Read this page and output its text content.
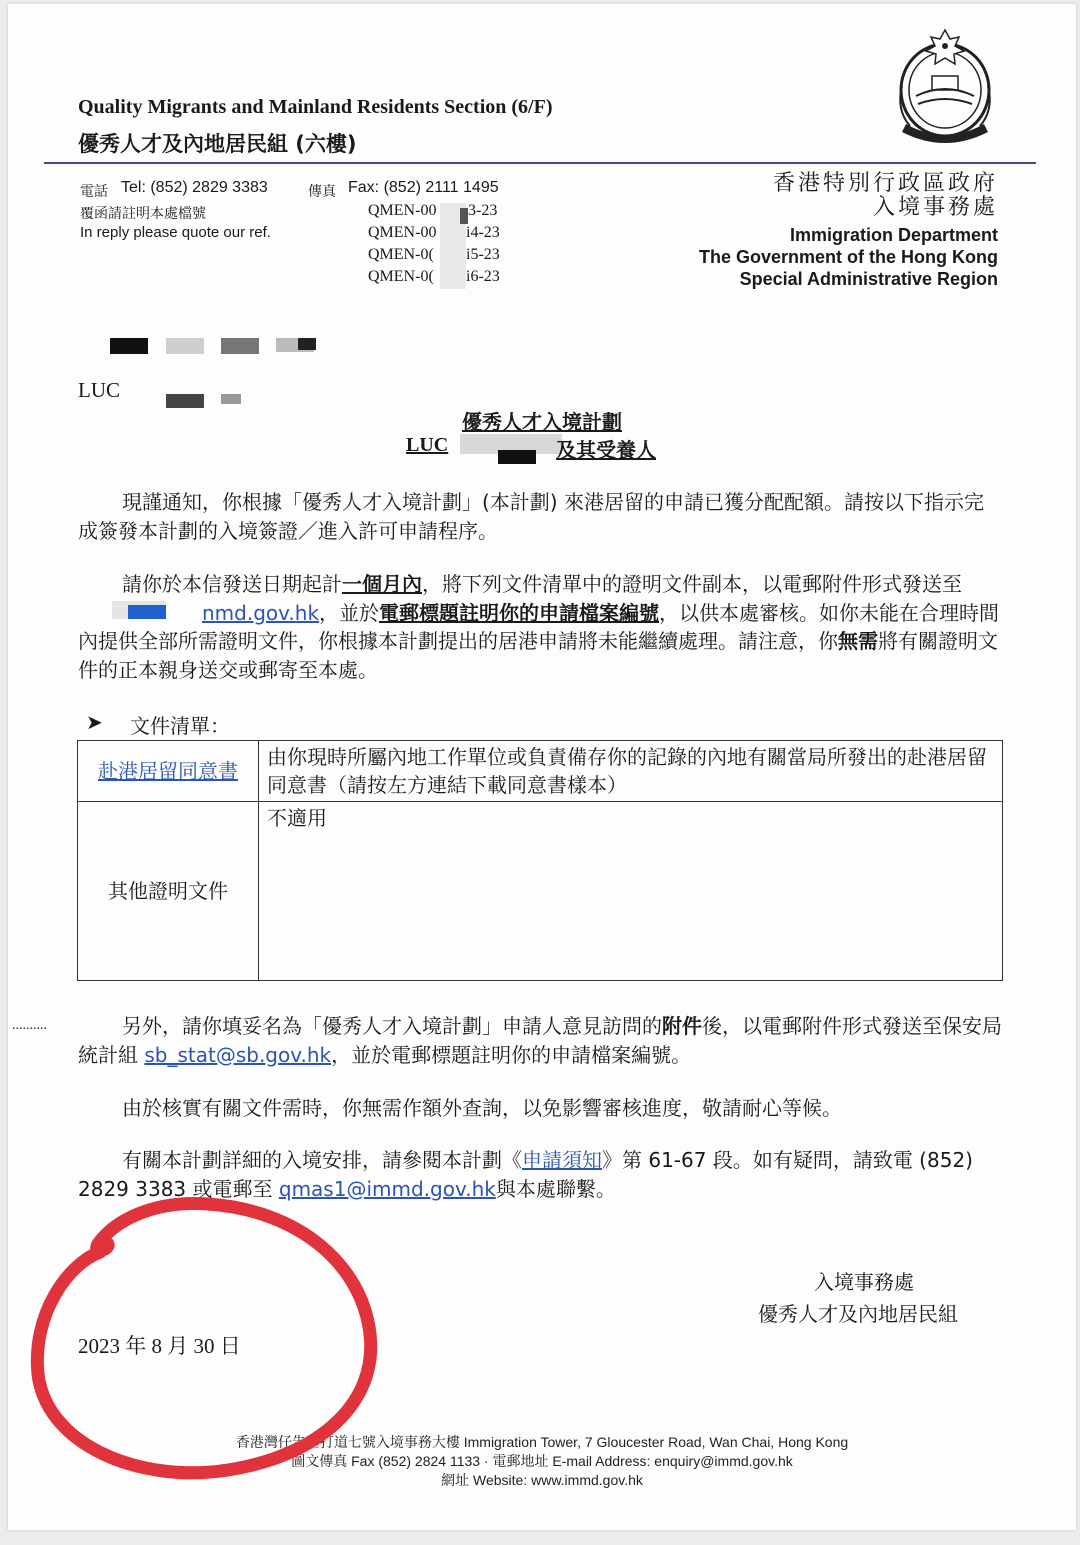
Quality Migrants and Mainland Residents Section (6/F)
優秀人才及內地居民組 (六樓)
電話 Tel: (852) 2829 3383	傳真 Fax: (852) 2111 1495
覆函請註明本處檔號
In reply please quote our ref.
QMEN-00
QMEN-00
QMEN-0(
QMEN-0(
3-23
i4-23
i5-23
i6-23
香港特別行政區政府
入境事務處
Immigration Department
The Government of the Hong Kong
Special Administrative Region
LUC
優秀人才入境計劃
LUC	及其受養人
現謹通知，你根據「優秀人才入境計劃」(本計劃) 來港居留的申請已獲分配配額。請按以下指示完成簽發本計劃的入境簽證／進入許可申請程序。
請你於本信發送日期起計一個月內，將下列文件清單中的證明文件副本，以電郵附件形式發送至nmd.gov.hk，並於電郵標題註明你的申請檔案編號，以供本處審核。如你未能在合理時間內提供全部所需證明文件，你根據本計劃提出的居港申請將未能繼續處理。請注意，你無需將有關證明文件的正本親身送交或郵寄至本處。
➤ 文件清單：
赴港居留同意書	由你現時所屬內地工作單位或負責備存你的記錄的內地有關當局所發出的赴港居留同意書（請按左方連結下載同意書樣本）
其他證明文件	不適用
..........	另外，請你填妥名為「優秀人才入境計劃」申請人意見訪問的附件後，以電郵附件形式發送至保安局統計組 sb_stat@sb.gov.hk，並於電郵標題註明你的申請檔案編號。
由於核實有關文件需時，你無需作額外查詢，以免影響審核進度，敬請耐心等候。
有關本計劃詳細的入境安排，請參閱本計劃《申請須知》第 61-67 段。如有疑問，請致電 (852) 2829 3383 或電郵至 qmas1@immd.gov.hk與本處聯繫。
入境事務處
優秀人才及內地居民組
2023 年 8 月 30 日
香港灣仔告士打道七號入境事務大樓 Immigration Tower, 7 Gloucester Road, Wan Chai, Hong Kong
圖文傳真 Fax (852) 2824 1133 · 電郵地址 E-mail Address: enquiry@immd.gov.hk
網址 Website: www.immd.gov.hk
